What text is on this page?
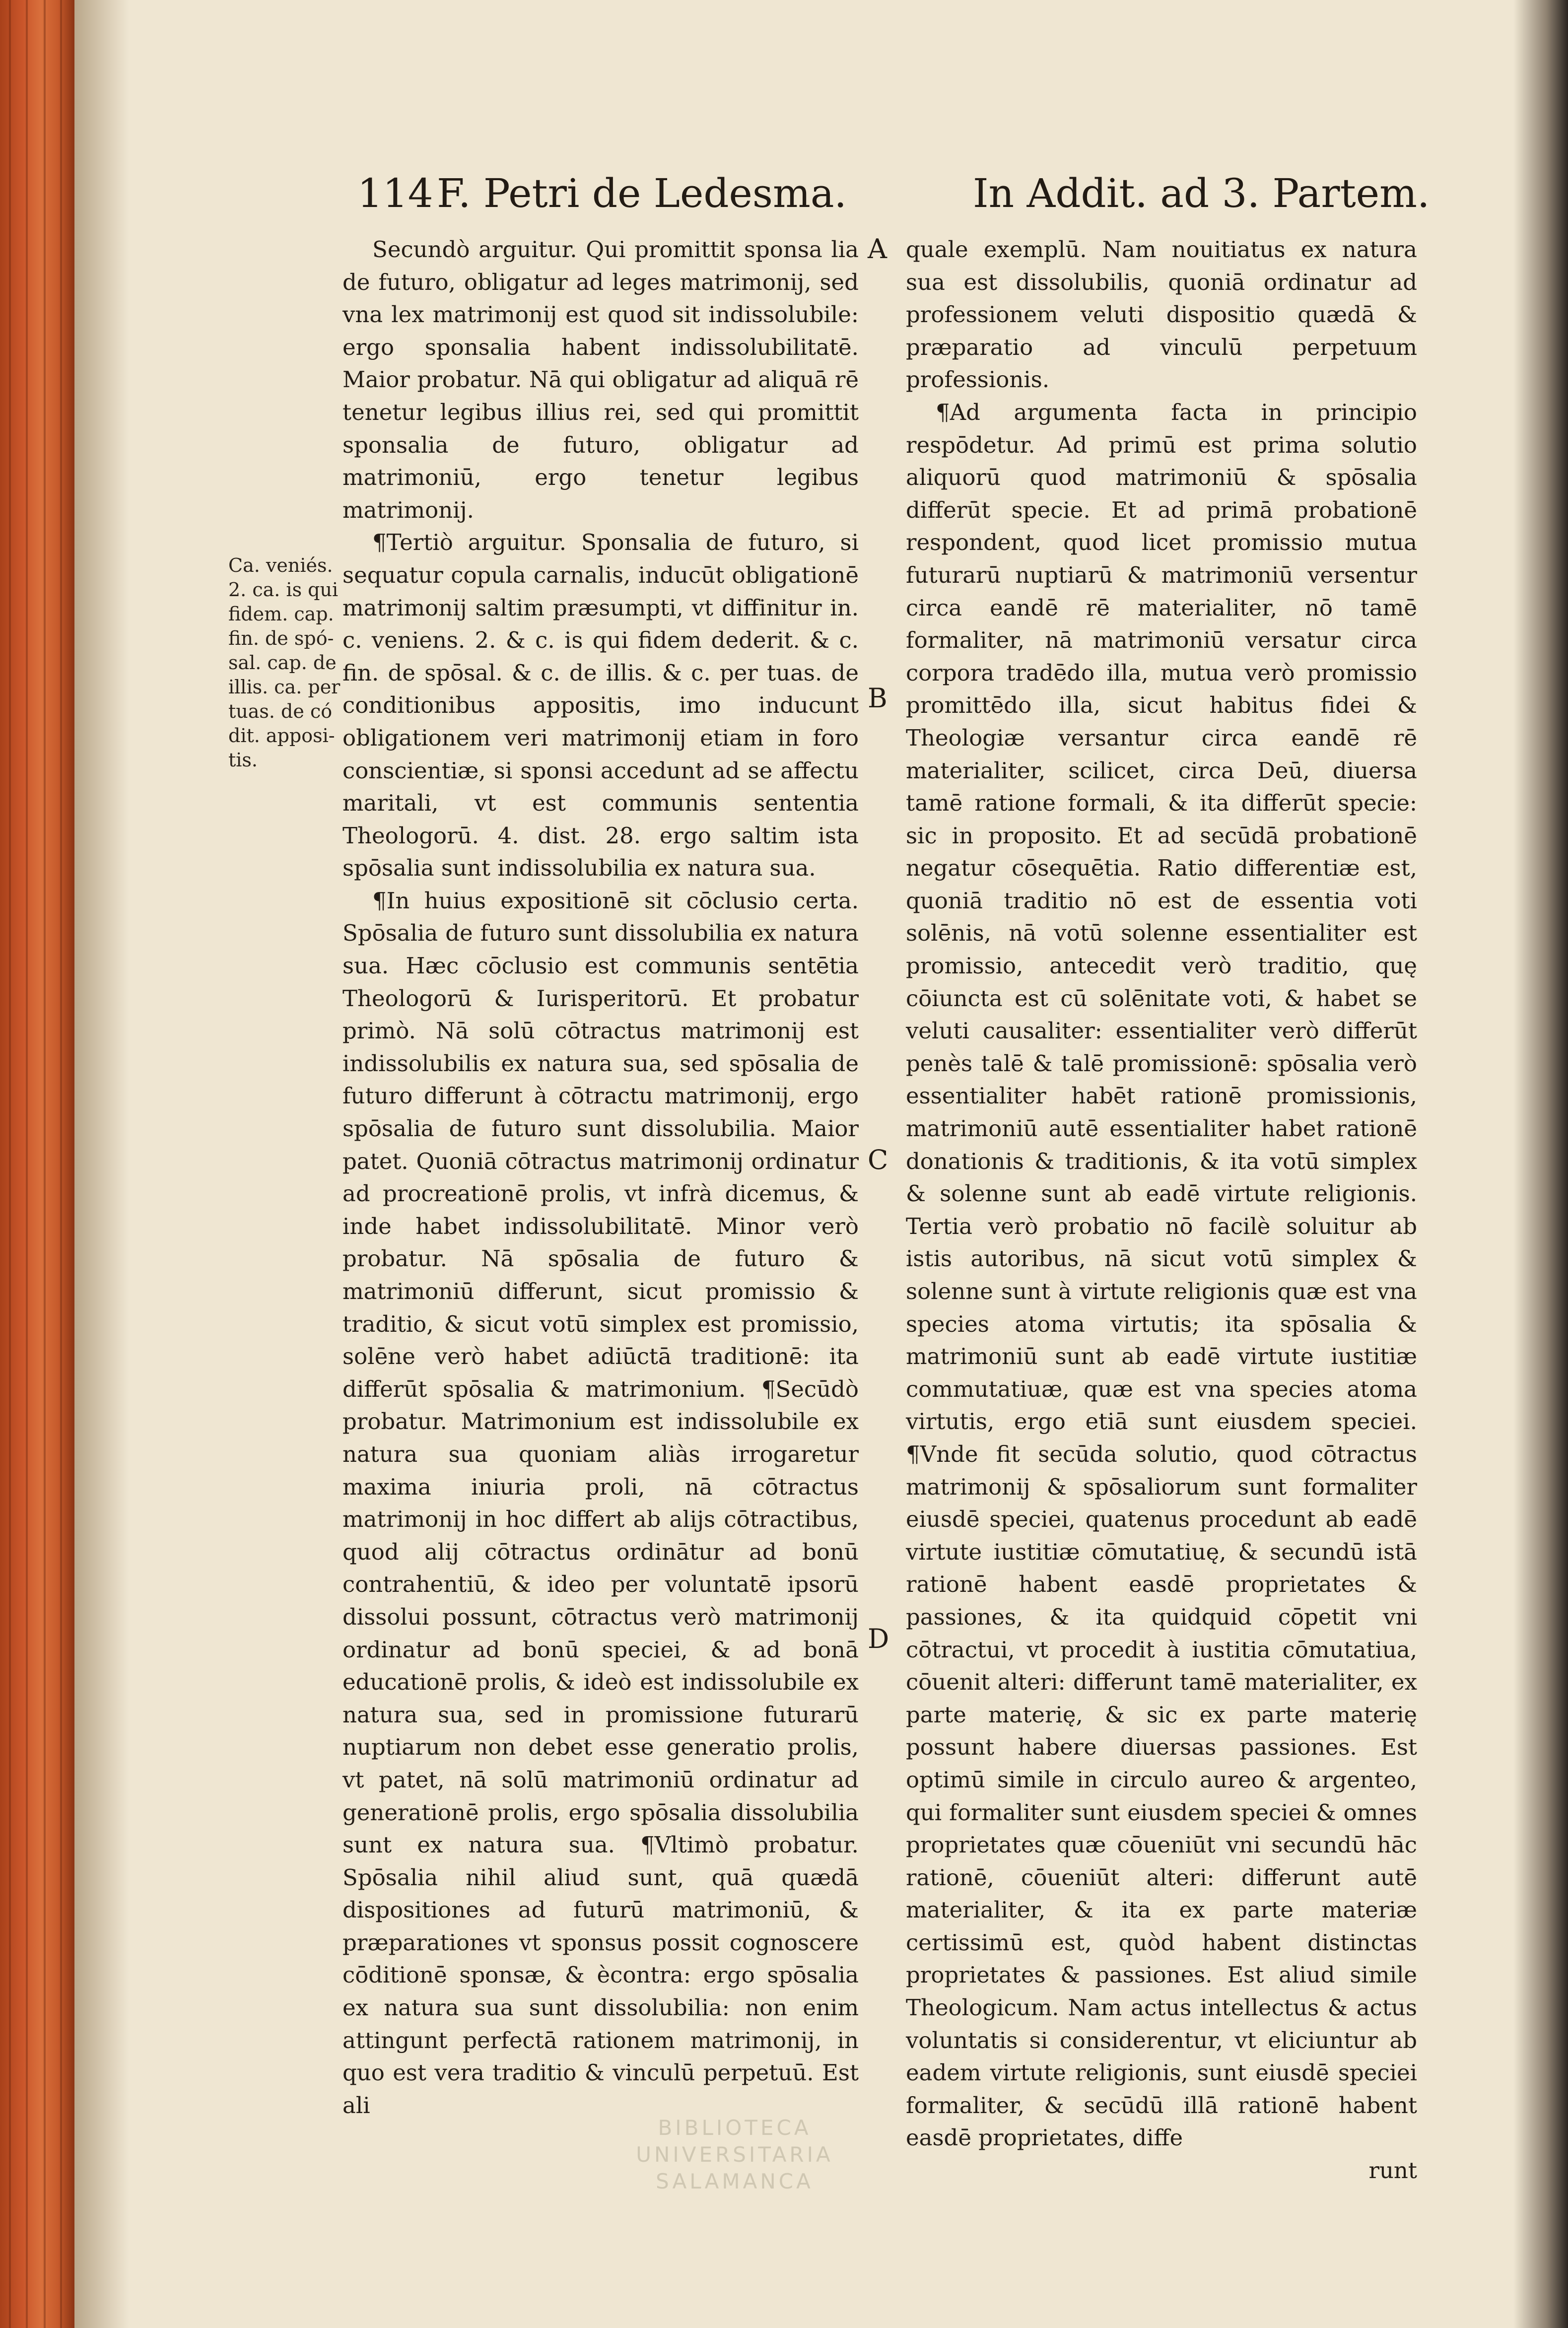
114 F. Petri de Ledesma.	In Addit. ad 3. Partem.
Ca. veniés.
2. ca. is qui
fidem. cap.
fin. de spó-
sal. cap. de
illis. ca. per
tuas. de có
dit. apposi-
tis.

Secundò arguitur. Qui promittit sponsa lia de futuro, obligatur ad leges matrimonij, sed vna lex matrimonij est quod sit indissolubile: ergo sponsalia habent indissolubilitatē. Maior probatur. Nā qui obligatur ad aliquā rē tenetur legibus illius rei, sed qui promittit sponsalia de futuro, obligatur ad matrimoniū, ergo tenetur legibus matrimonij.

¶Tertiò arguitur. Sponsalia de futuro, si sequatur copula carnalis, inducūt obligationē matrimonij saltim præsumpti, vt diffinitur in. c. veniens. 2. & c. is qui fidem dederit. & c. fin. de spōsal. & c. de illis. & c. per tuas. de conditionibus appositis, imo inducunt obligationem veri matrimonij etiam in foro conscientiæ, si sponsi accedunt ad se affectu maritali, vt est communis sententia Theologorū. 4. dist. 28. ergo saltim ista spōsalia sunt indissolubilia ex natura sua.

¶In huius expositionē sit cōclusio certa. Spōsalia de futuro sunt dissolubilia ex natura sua. Hæc cōclusio est communis sentētia Theologorū & Iurisperitorū. Et probatur primò. Nā solū cōtractus matrimonij est indissolubilis ex natura sua, sed spōsalia de futuro differunt à cōtractu matrimonij, ergo spōsalia de futuro sunt dissolubilia. Maior patet. Quoniā cōtractus matrimonij ordinatur ad procreationē prolis, vt infrà dicemus, & inde habet indissolubilitatē. Minor verò probatur. Nā spōsalia de futuro & matrimoniū differunt, sicut promissio & traditio, & sicut votū simplex est promissio, solēne verò habet adiūctā traditionē: ita differūt spōsalia & matrimonium. ¶Secūdò probatur. Matrimonium est indissolubile ex natura sua quoniam aliàs irrogaretur maxima iniuria proli, nā cōtractus matrimonij in hoc differt ab alijs cōtractibus, quod alij cōtractus ordinātur ad bonū contrahentiū, & ideo per voluntatē ipsorū dissolui possunt, cōtractus verò matrimonij ordinatur ad bonū speciei, & ad bonā educationē prolis, & ideò est indissolubile ex natura sua, sed in promissione futurarū nuptiarum non debet esse generatio prolis, vt patet, nā solū matrimoniū ordinatur ad generationē prolis, ergo spōsalia dissolubilia sunt ex natura sua. ¶Vltimò probatur. Spōsalia nihil aliud sunt, quā quædā dispositiones ad futurū matrimoniū, & præparationes vt sponsus possit cognoscere cōditionē sponsæ, & ècontra: ergo spōsalia ex natura sua sunt dissolubilia: non enim attingunt perfectā rationem matrimonij, in quo est vera traditio & vinculū perpetuū. Est ali

A
B
C
D

quale exemplū. Nam nouitiatus ex natura sua est dissolubilis, quoniā ordinatur ad professionem veluti dispositio quædā & præparatio ad vinculū perpetuum professionis.

¶Ad argumenta facta in principio respōdetur. Ad primū est prima solutio aliquorū quod matrimoniū & spōsalia differūt specie. Et ad primā probationē respondent, quod licet promissio mutua futurarū nuptiarū & matrimoniū versentur circa eandē rē materialiter, nō tamē formaliter, nā matrimoniū versatur circa corpora tradēdo illa, mutua verò promissio promittēdo illa, sicut habitus fidei & Theologiæ versantur circa eandē rē materialiter, scilicet, circa Deū, diuersa tamē ratione formali, & ita differūt specie: sic in proposito. Et ad secūdā probationē negatur cōsequētia. Ratio differentiæ est, quoniā traditio nō est de essentia voti solēnis, nā votū solenne essentialiter est promissio, antecedit verò traditio, quę cōiuncta est cū solēnitate voti, & habet se veluti causaliter: essentialiter verò differūt penès talē & talē promissionē: spōsalia verò essentialiter habēt rationē promissionis, matrimoniū autē essentialiter habet rationē donationis & traditionis, & ita votū simplex & solenne sunt ab eadē virtute religionis. Tertia verò probatio nō facilè soluitur ab istis autoribus, nā sicut votū simplex & solenne sunt à virtute religionis quæ est vna species atoma virtutis; ita spōsalia & matrimoniū sunt ab eadē virtute iustitiæ commutatiuæ, quæ est vna species atoma virtutis, ergo etiā sunt eiusdem speciei. ¶Vnde fit secūda solutio, quod cōtractus matrimonij & spōsaliorum sunt formaliter eiusdē speciei, quatenus procedunt ab eadē virtute iustitiæ cōmutatiuę, & secundū istā rationē habent easdē proprietates & passiones, & ita quidquid cōpetit vni cōtractui, vt procedit à iustitia cōmutatiua, cōuenit alteri: differunt tamē materialiter, ex parte materię, & sic ex parte materię possunt habere diuersas passiones. Est optimū simile in circulo aureo & argenteo, qui formaliter sunt eiusdem speciei & omnes proprietates quæ cōueniūt vni secundū hāc rationē, cōueniūt alteri: differunt autē materialiter, & ita ex parte materiæ certissimū est, quòd habent distinctas proprietates & passiones. Est aliud simile Theologicum. Nam actus intellectus & actus voluntatis si considerentur, vt eliciuntur ab eadem virtute religionis, sunt eiusdē speciei formaliter, & secūdū illā rationē habent easdē proprietates, diffe

runt

BIBLIOTECA
UNIVERSITARIA
SALAMANCA
